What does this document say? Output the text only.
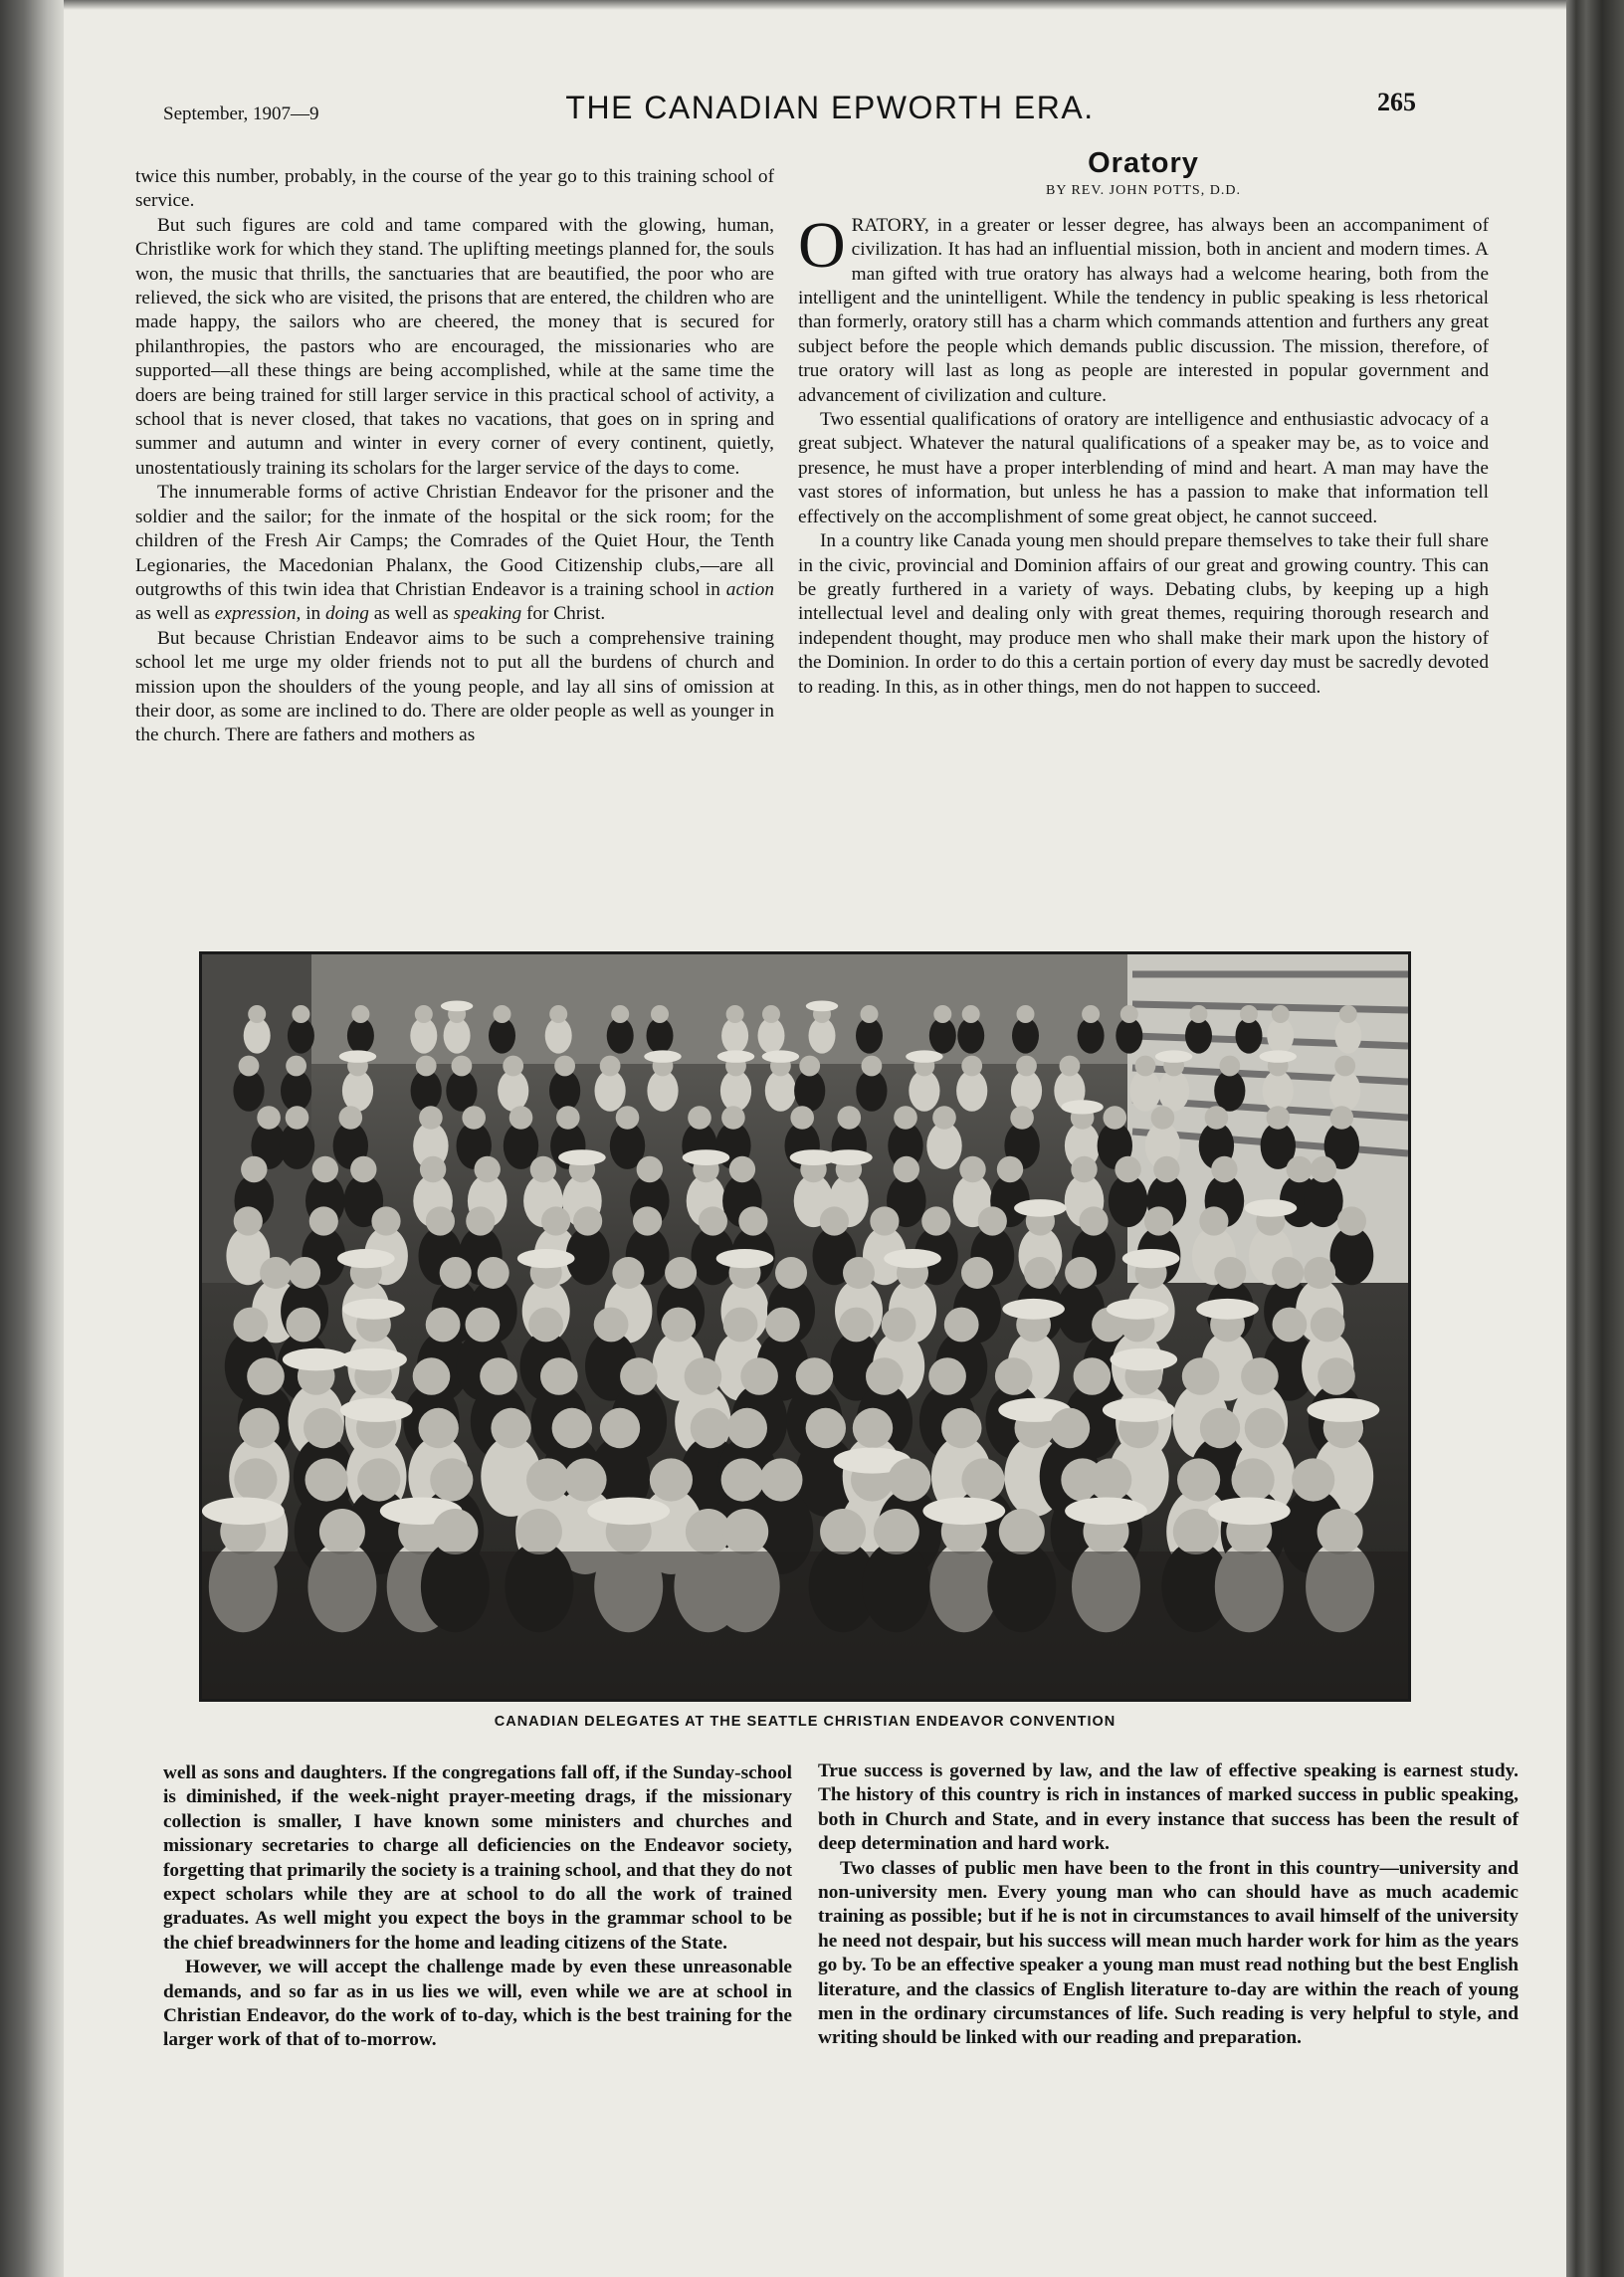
September, 1907—9	THE CANADIAN EPWORTH ERA.	265

twice this number, probably, in the course of the year go to this training school of service.

But such figures are cold and tame compared with the glowing, human, Christlike work for which they stand. The uplifting meetings planned for, the souls won, the music that thrills, the sanctuaries that are beautified, the poor who are relieved, the sick who are visited, the prisons that are entered, the children who are made happy, the sailors who are cheered, the money that is secured for philanthropies, the pastors who are encouraged, the missionaries who are supported—all these things are being accomplished, while at the same time the doers are being trained for still larger service in this practical school of activity, a school that is never closed, that takes no vacations, that goes on in spring and summer and autumn and winter in every corner of every continent, quietly, unostentatiously training its scholars for the larger service of the days to come.

The innumerable forms of active Christian Endeavor for the prisoner and the soldier and the sailor; for the inmate of the hospital or the sick room; for the children of the Fresh Air Camps; the Comrades of the Quiet Hour, the Tenth Legionaries, the Macedonian Phalanx, the Good Citizenship clubs,—are all outgrowths of this twin idea that Christian Endeavor is a training school in action as well as expression, in doing as well as speaking for Christ.

But because Christian Endeavor aims to be such a comprehensive training school let me urge my older friends not to put all the burdens of church and mission upon the shoulders of the young people, and lay all sins of omission at their door, as some are inclined to do. There are older people as well as younger in the church. There are fathers and mothers as

Oratory
BY REV. JOHN POTTS, D.D.

ORATORY, in a greater or lesser degree, has always been an accompaniment of civilization. It has had an influential mission, both in ancient and modern times. A man gifted with true oratory has always had a welcome hearing, both from the intelligent and the unintelligent. While the tendency in public speaking is less rhetorical than formerly, oratory still has a charm which commands attention and furthers any great subject before the people which demands public discussion. The mission, therefore, of true oratory will last as long as people are interested in popular government and advancement of civilization and culture.

Two essential qualifications of oratory are intelligence and enthusiastic advocacy of a great subject. Whatever the natural qualifications of a speaker may be, as to voice and presence, he must have a proper interblending of mind and heart. A man may have the vast stores of information, but unless he has a passion to make that information tell effectively on the accomplishment of some great object, he cannot succeed.

In a country like Canada young men should prepare themselves to take their full share in the civic, provincial and Dominion affairs of our great and growing country. This can be greatly furthered in a variety of ways. Debating clubs, by keeping up a high intellectual level and dealing only with great themes, requiring thorough research and independent thought, may produce men who shall make their mark upon the history of the Dominion. In order to do this a certain portion of every day must be sacredly devoted to reading. In this, as in other things, men do not happen to succeed.

CANADIAN DELEGATES AT THE SEATTLE CHRISTIAN ENDEAVOR CONVENTION

well as sons and daughters. If the congregations fall off, if the Sunday-school is diminished, if the week-night prayer-meeting drags, if the missionary collection is smaller, I have known some ministers and churches and missionary secretaries to charge all deficiencies on the Endeavor society, forgetting that primarily the society is a training school, and that they do not expect scholars while they are at school to do all the work of trained graduates. As well might you expect the boys in the grammar school to be the chief breadwinners for the home and leading citizens of the State.

However, we will accept the challenge made by even these unreasonable demands, and so far as in us lies we will, even while we are at school in Christian Endeavor, do the work of to-day, which is the best training for the larger work of that of to-morrow.

True success is governed by law, and the law of effective speaking is earnest study. The history of this country is rich in instances of marked success in public speaking, both in Church and State, and in every instance that success has been the result of deep determination and hard work.

Two classes of public men have been to the front in this country—university and non-university men. Every young man who can should have as much academic training as possible; but if he is not in circumstances to avail himself of the university he need not despair, but his success will mean much harder work for him as the years go by. To be an effective speaker a young man must read nothing but the best English literature, and the classics of English literature to-day are within the reach of young men in the ordinary circumstances of life. Such reading is very helpful to style, and writing should be linked with our reading and preparation.
